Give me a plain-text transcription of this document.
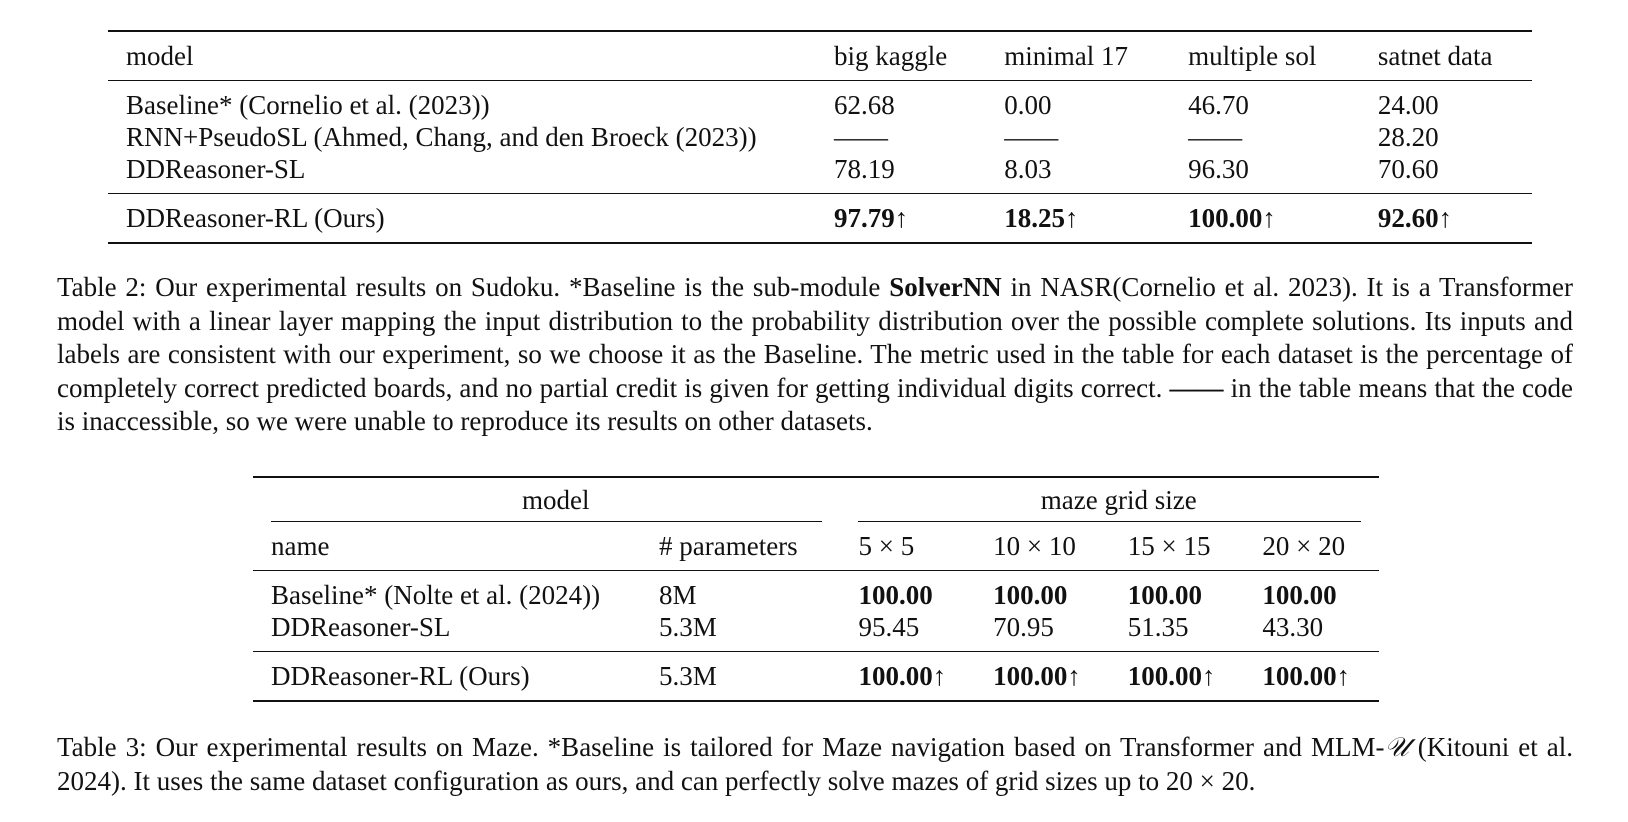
model	big kaggle	minimal 17	multiple sol	satnet data
Baseline* (Cornelio et al. (2023))	62.68	0.00	46.70	24.00
RNN+PseudoSL (Ahmed, Chang, and den Broeck (2023))	——	——	——	28.20
DDReasoner-SL	78.19	8.03	96.30	70.60
DDReasoner-RL (Ours)	97.79↑	18.25↑	100.00↑	92.60↑
Table 2: Our experimental results on Sudoku. *Baseline is the sub-module SolverNN in NASR(Cornelio et al. 2023). It is a Transformer model with a linear layer mapping the input distribution to the probability distribution over the possible complete solutions. Its inputs and labels are consistent with our experiment, so we choose it as the Baseline. The metric used in the table for each dataset is the percentage of completely correct predicted boards, and no partial credit is given for getting individual digits correct. —— in the table means that the code is inaccessible, so we were unable to reproduce its results on other datasets.
model		maze grid size			
name	# parameters	5 × 5	10 × 10	15 × 15	20 × 20
Baseline* (Nolte et al. (2024))	8M	100.00	100.00	100.00	100.00
DDReasoner-SL	5.3M	95.45	70.95	51.35	43.30
DDReasoner-RL (Ours)	5.3M	100.00↑	100.00↑	100.00↑	100.00↑
Table 3: Our experimental results on Maze. *Baseline is tailored for Maze navigation based on Transformer and MLM-𝒰 (Kitouni et al. 2024). It uses the same dataset configuration as ours, and can perfectly solve mazes of grid sizes up to 20 × 20.
